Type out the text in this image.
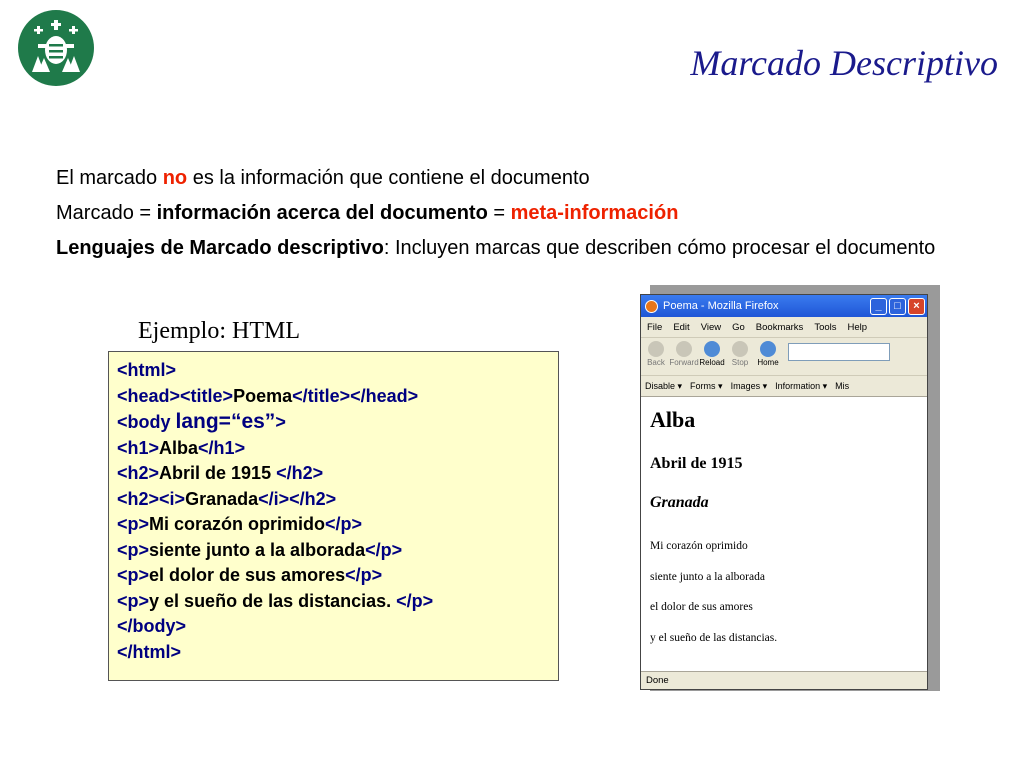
Marcado Descriptivo

El marcado no es la información que contiene el documento

Marcado = información acerca del documento = meta-información

Lenguajes de Marcado descriptivo: Incluyen marcas que describen cómo procesar el documento

Ejemplo: HTML
<html>
<head><title>Poema</title></head>
<body lang=“es”>
<h1>Alba</h1>
<h2>Abril de 1915 </h2>
<h2><i>Granada</i></h2>
<p>Mi corazón oprimido</p>
<p>siente junto a la alborada</p>
<p>el dolor de sus amores</p>
<p>y el sueño de las distancias. </p>
</body>
</html>
Poema - Mozilla Firefox	_	□	×
File Edit View Go Bookmarks Tools Help
Back Forward Reload Stop Home
Disable ▾ Forms ▾ Images ▾ Information ▾ Mis
Alba
Abril de 1915
Granada
Mi corazón oprimido
siente junto a la alborada
el dolor de sus amores
y el sueño de las distancias.
Done
